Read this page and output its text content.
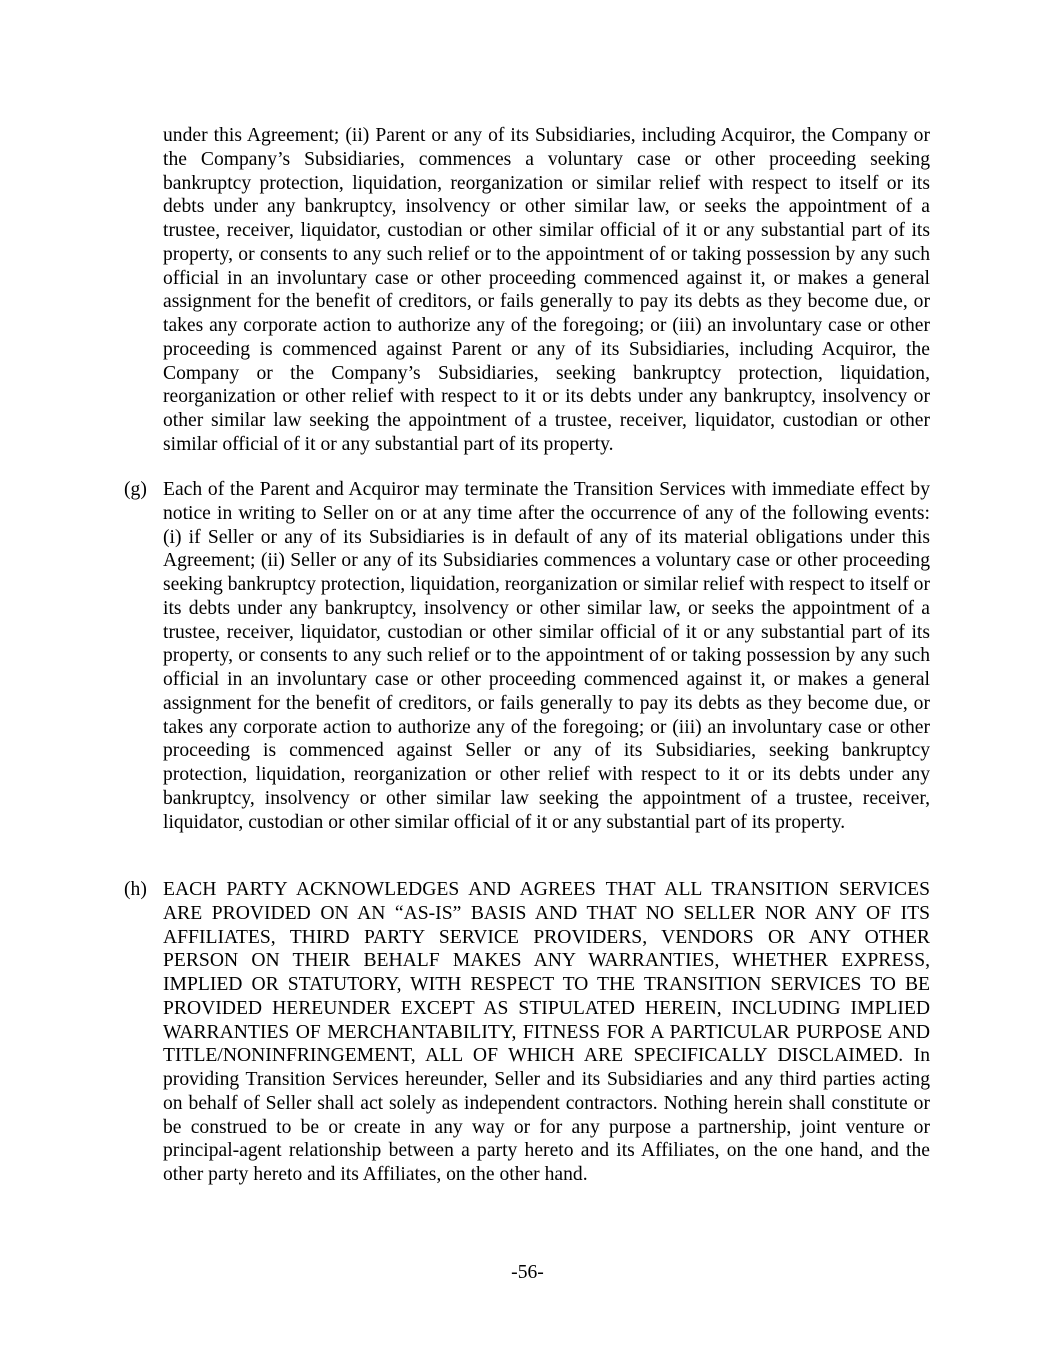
under this Agreement; (ii) Parent or any of its Subsidiaries, including Acquiror, the Company or the Company’s Subsidiaries, commences a voluntary case or other proceeding seeking bankruptcy protection, liquidation, reorganization or similar relief with respect to itself or its debts under any bankruptcy, insolvency or other similar law, or seeks the appointment of a trustee, receiver, liquidator, custodian or other similar official of it or any substantial part of its property, or consents to any such relief or to the appointment of or taking possession by any such official in an involuntary case or other proceeding commenced against it, or makes a general assignment for the benefit of creditors, or fails generally to pay its debts as they become due, or takes any corporate action to authorize any of the foregoing; or (iii) an involuntary case or other proceeding is commenced against Parent or any of its Subsidiaries, including Acquiror, the Company or the Company’s Subsidiaries, seeking bankruptcy protection, liquidation, reorganization or other relief with respect to it or its debts under any bankruptcy, insolvency or other similar law seeking the appointment of a trustee, receiver, liquidator, custodian or other similar official of it or any substantial part of its property.

(g) Each of the Parent and Acquiror may terminate the Transition Services with immediate effect by notice in writing to Seller on or at any time after the occurrence of any of the following events: (i) if Seller or any of its Subsidiaries is in default of any of its material obligations under this Agreement; (ii) Seller or any of its Subsidiaries commences a voluntary case or other proceeding seeking bankruptcy protection, liquidation, reorganization or similar relief with respect to itself or its debts under any bankruptcy, insolvency or other similar law, or seeks the appointment of a trustee, receiver, liquidator, custodian or other similar official of it or any substantial part of its property, or consents to any such relief or to the appointment of or taking possession by any such official in an involuntary case or other proceeding commenced against it, or makes a general assignment for the benefit of creditors, or fails generally to pay its debts as they become due, or takes any corporate action to authorize any of the foregoing; or (iii) an involuntary case or other proceeding is commenced against Seller or any of its Subsidiaries, seeking bankruptcy protection, liquidation, reorganization or other relief with respect to it or its debts under any bankruptcy, insolvency or other similar law seeking the appointment of a trustee, receiver, liquidator, custodian or other similar official of it or any substantial part of its property.

(h) EACH PARTY ACKNOWLEDGES AND AGREES THAT ALL TRANSITION SERVICES ARE PROVIDED ON AN “AS-IS” BASIS AND THAT NO SELLER NOR ANY OF ITS AFFILIATES, THIRD PARTY SERVICE PROVIDERS, VENDORS OR ANY OTHER PERSON ON THEIR BEHALF MAKES ANY WARRANTIES, WHETHER EXPRESS, IMPLIED OR STATUTORY, WITH RESPECT TO THE TRANSITION SERVICES TO BE PROVIDED HEREUNDER EXCEPT AS STIPULATED HEREIN, INCLUDING IMPLIED WARRANTIES OF MERCHANTABILITY, FITNESS FOR A PARTICULAR PURPOSE AND TITLE/NONINFRINGEMENT, ALL OF WHICH ARE SPECIFICALLY DISCLAIMED. In providing Transition Services hereunder, Seller and its Subsidiaries and any third parties acting on behalf of Seller shall act solely as independent contractors. Nothing herein shall constitute or be construed to be or create in any way or for any purpose a partnership, joint venture or principal-agent relationship between a party hereto and its Affiliates, on the one hand, and the other party hereto and its Affiliates, on the other hand.

-56-
